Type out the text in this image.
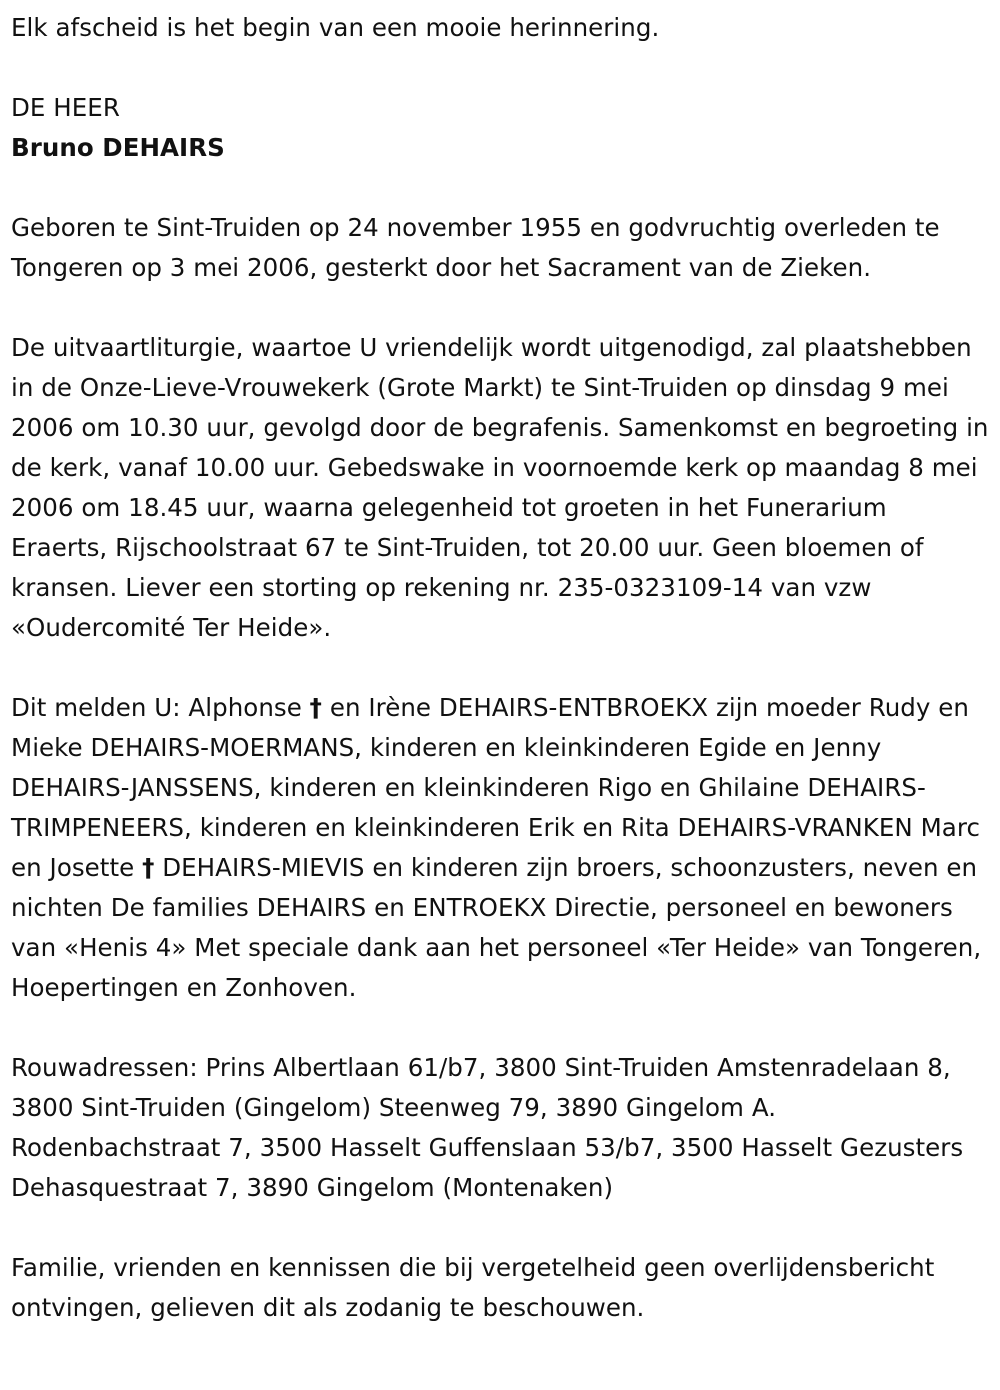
Elk afscheid is het begin van een mooie herinnering.

DE HEER

Bruno DEHAIRS

Geboren te Sint-Truiden op 24 november 1955 en godvruchtig overleden te Tongeren op 3 mei 2006, gesterkt door het Sacrament van de Zieken.

De uitvaartliturgie, waartoe U vriendelijk wordt uitgenodigd, zal plaatshebben in de Onze-Lieve-Vrouwekerk (Grote Markt) te Sint-Truiden op dinsdag 9 mei 2006 om 10.30 uur, gevolgd door de begrafenis. Samenkomst en begroeting in de kerk, vanaf 10.00 uur. Gebedswake in voornoemde kerk op maandag 8 mei 2006 om 18.45 uur, waarna gelegenheid tot groeten in het Funerarium Eraerts, Rijschoolstraat 67 te Sint-Truiden, tot 20.00 uur. Geen bloemen of kransen. Liever een storting op rekening nr. 235-0323109-14 van vzw «Oudercomité Ter Heide».

Dit melden U: Alphonse † en Irène DEHAIRS-ENTBROEKX zijn moeder Rudy en Mieke DEHAIRS-MOERMANS, kinderen en kleinkinderen Egide en Jenny DEHAIRS-JANSSENS, kinderen en kleinkinderen Rigo en Ghilaine DEHAIRS-TRIMPENEERS, kinderen en kleinkinderen Erik en Rita DEHAIRS-VRANKEN Marc en Josette † DEHAIRS-MIEVIS en kinderen zijn broers, schoonzusters, neven en nichten De families DEHAIRS en ENTROEKX Directie, personeel en bewoners van «Henis 4» Met speciale dank aan het personeel «Ter Heide» van Tongeren, Hoepertingen en Zonhoven.

Rouwadressen: Prins Albertlaan 61/b7, 3800 Sint-Truiden Amstenradelaan 8, 3800 Sint-Truiden (Gingelom) Steenweg 79, 3890 Gingelom A. Rodenbachstraat 7, 3500 Hasselt Guffenslaan 53/b7, 3500 Hasselt Gezusters Dehasquestraat 7, 3890 Gingelom (Montenaken)

Familie, vrienden en kennissen die bij vergetelheid geen overlijdensbericht ontvingen, gelieven dit als zodanig te beschouwen.
